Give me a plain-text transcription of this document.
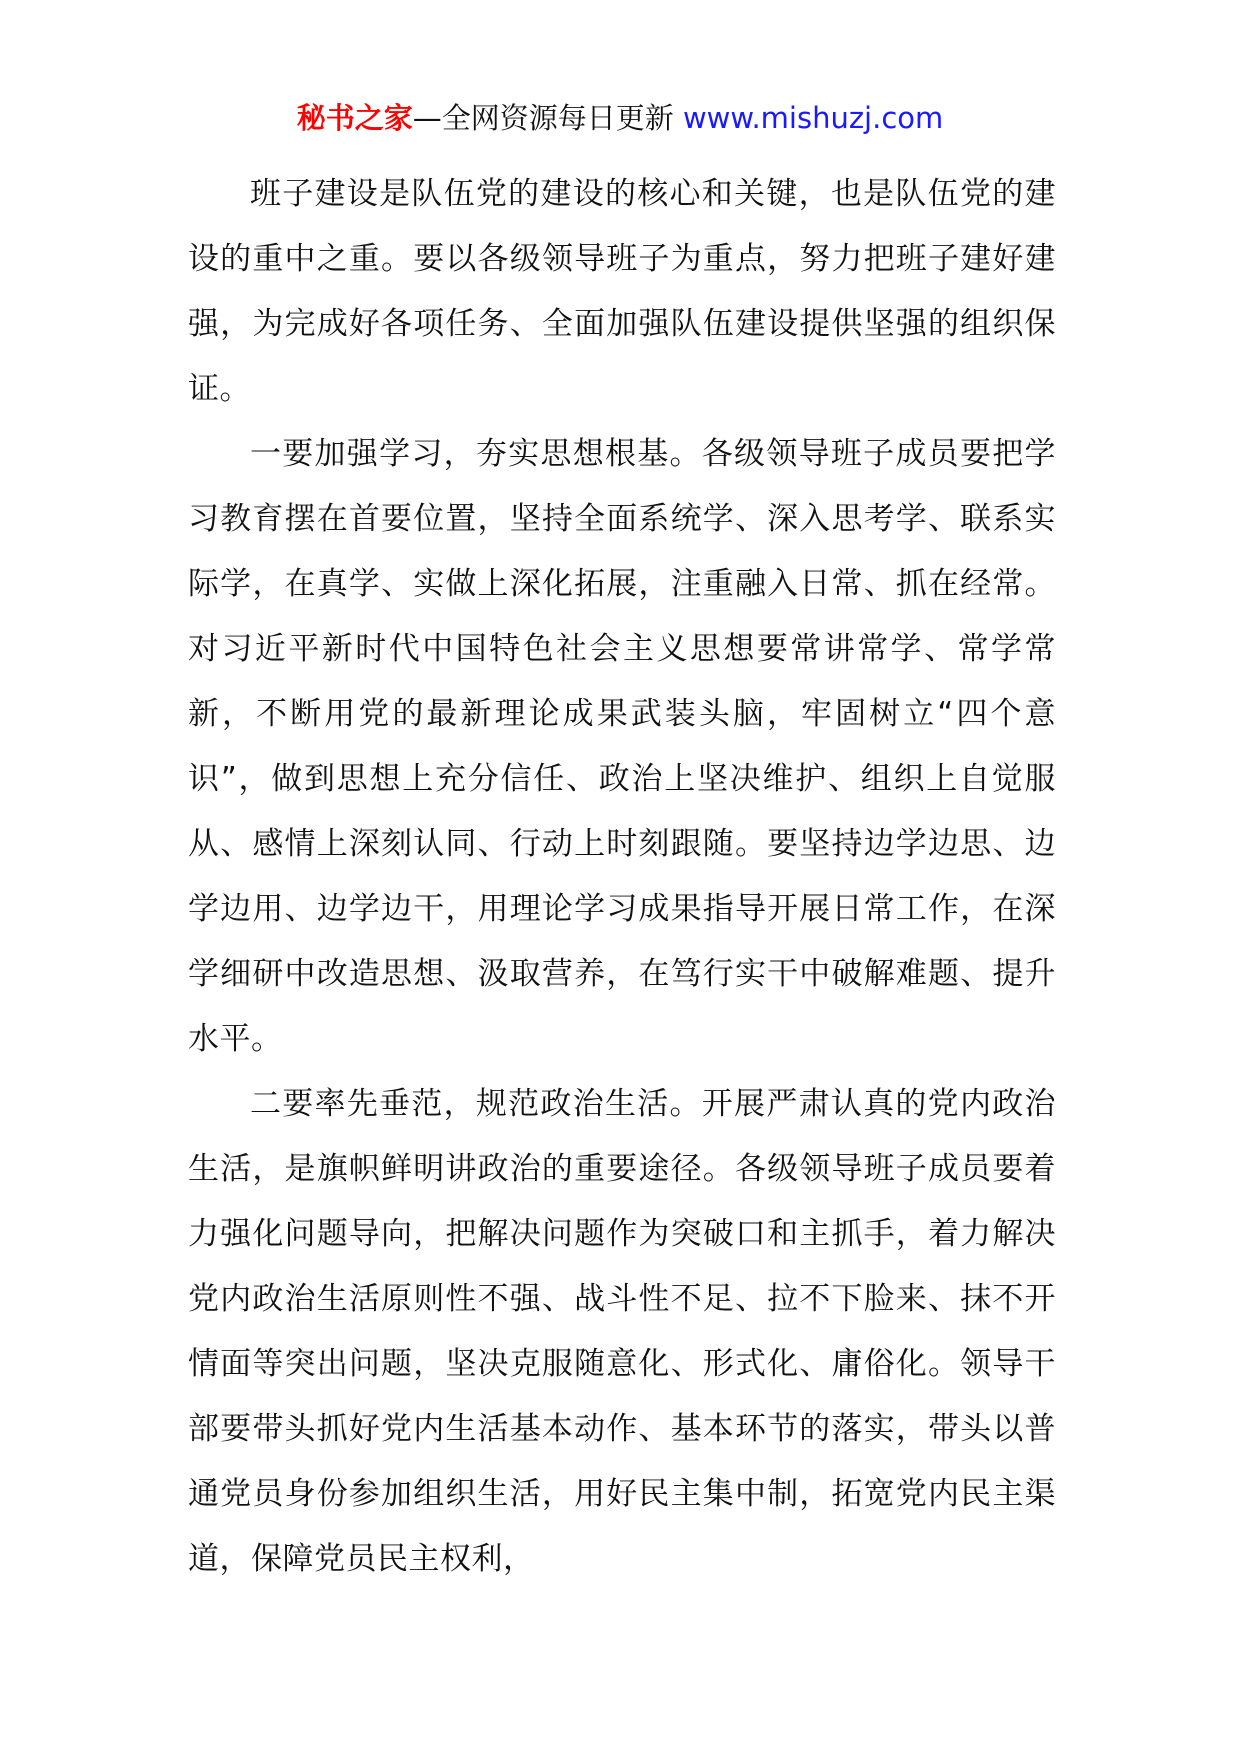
秘书之家—全网资源每日更新 www.mishuzj.com

班子建设是队伍党的建设的核心和关键，也是队伍党的建设的重中之重。要以各级领导班子为重点，努力把班子建好建强，为完成好各项任务、全面加强队伍建设提供坚强的组织保证。

一要加强学习，夯实思想根基。各级领导班子成员要把学习教育摆在首要位置，坚持全面系统学、深入思考学、联系实际学，在真学、实做上深化拓展，注重融入日常、抓在经常。对习近平新时代中国特色社会主义思想要常讲常学、常学常新，不断用党的最新理论成果武装头脑，牢固树立“四个意识”，做到思想上充分信任、政治上坚决维护、组织上自觉服从、感情上深刻认同、行动上时刻跟随。要坚持边学边思、边学边用、边学边干，用理论学习成果指导开展日常工作，在深学细研中改造思想、汲取营养，在笃行实干中破解难题、提升水平。

二要率先垂范，规范政治生活。开展严肃认真的党内政治生活，是旗帜鲜明讲政治的重要途径。各级领导班子成员要着力强化问题导向，把解决问题作为突破口和主抓手，着力解决党内政治生活原则性不强、战斗性不足、拉不下脸来、抹不开情面等突出问题，坚决克服随意化、形式化、庸俗化。领导干部要带头抓好党内生活基本动作、基本环节的落实，带头以普通党员身份参加组织生活，用好民主集中制，拓宽党内民主渠道，保障党员民主权利，
